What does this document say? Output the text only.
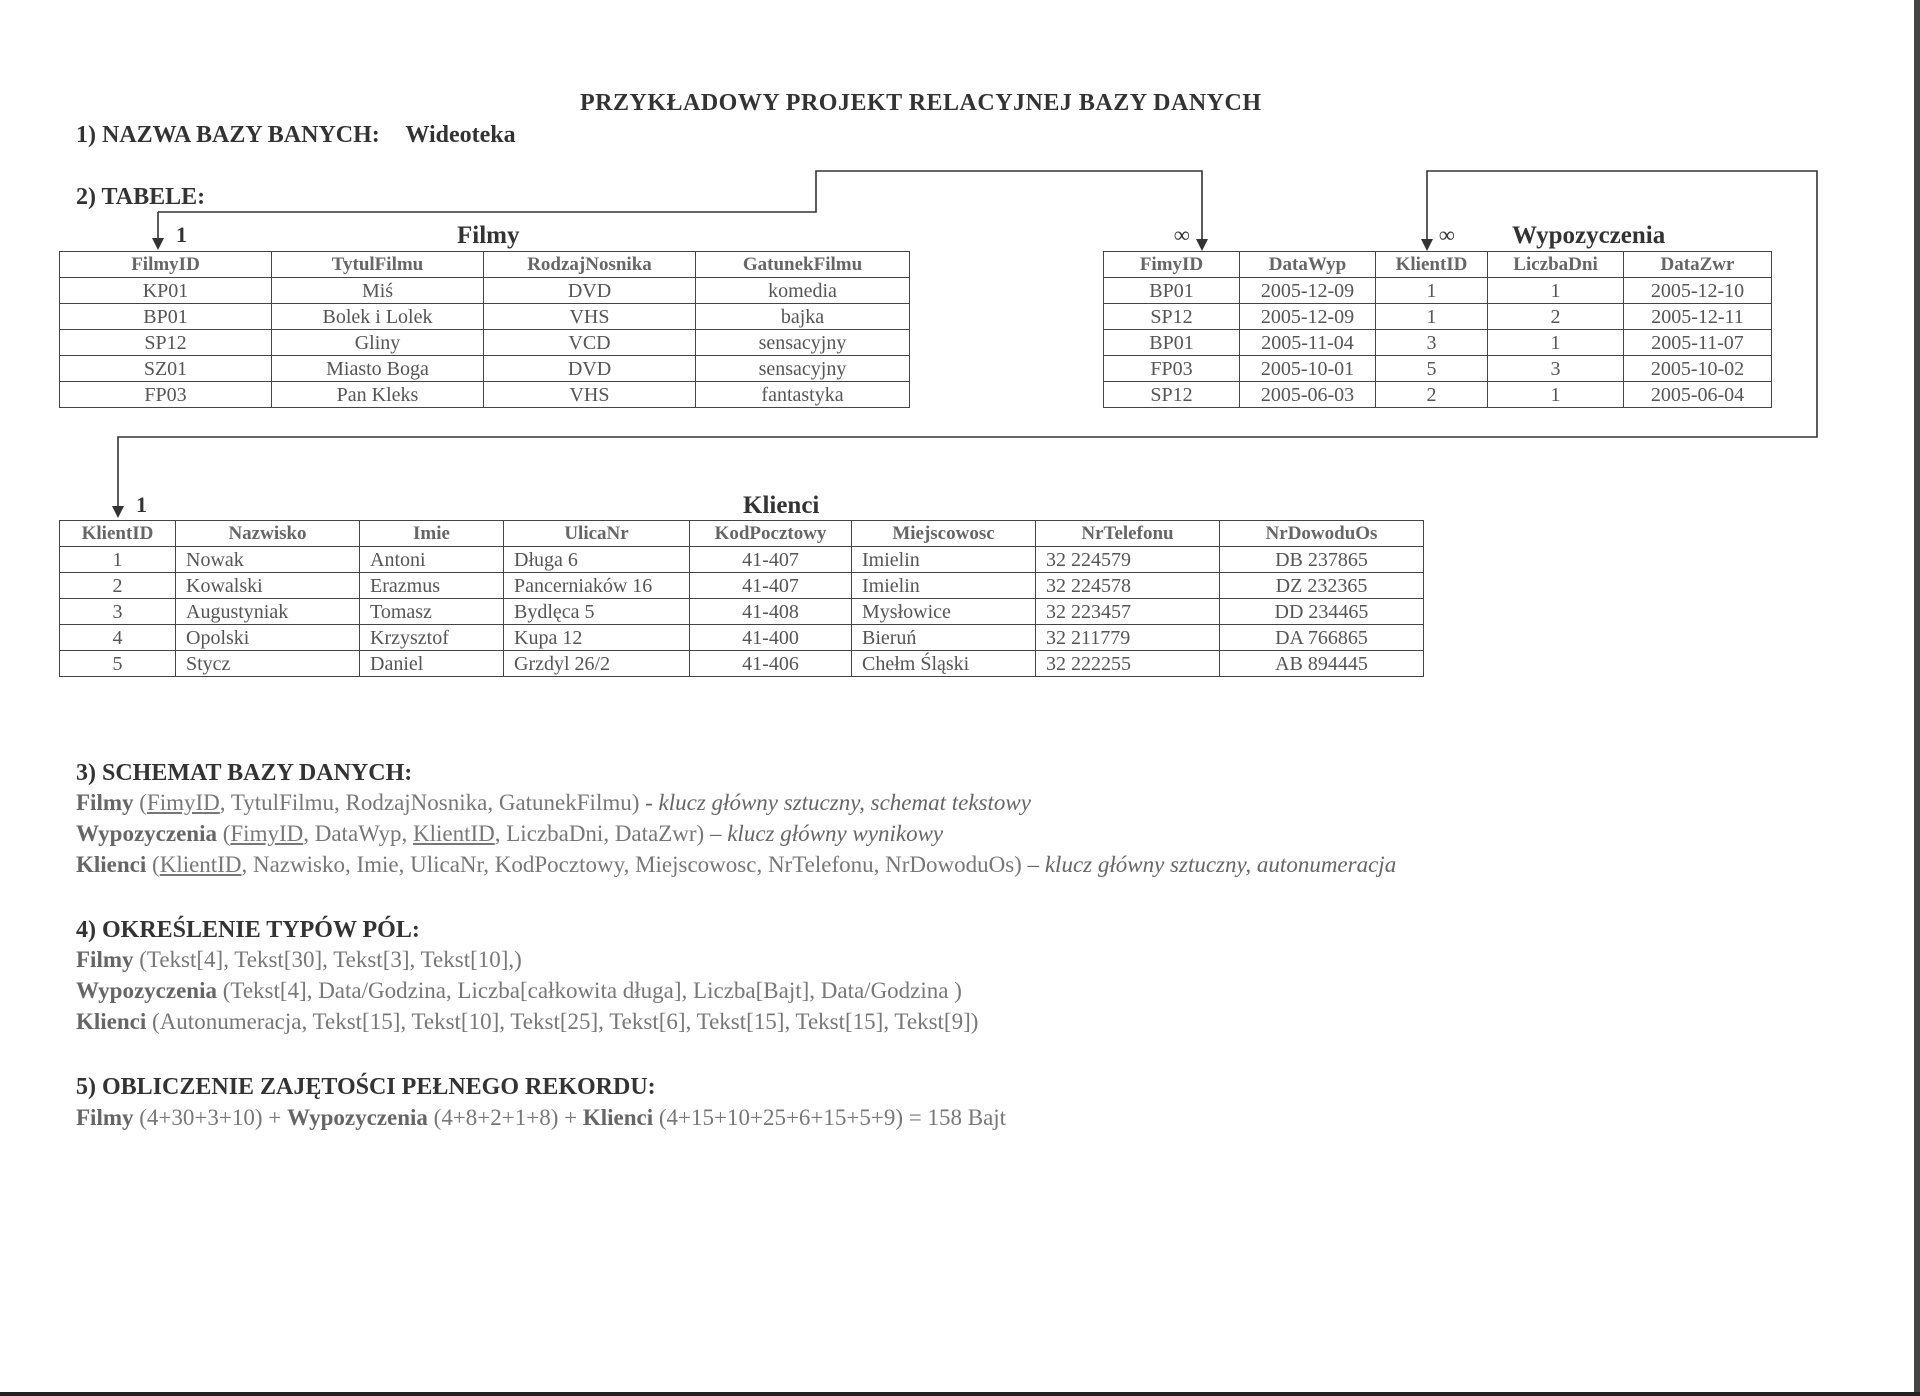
PRZYKŁADOWY PROJEKT RELACYJNEJ BAZY DANYCH
1) NAZWA BAZY BANYCH: Wideoteka
2) TABELE:
1	Filmy
FilmyID	TytulFilmu	RodzajNosnika	GatunekFilmu
KP01	Miś	DVD	komedia
BP01	Bolek i Lolek	VHS	bajka
SP12	Gliny	VCD	sensacyjny
SZ01	Miasto Boga	DVD	sensacyjny
FP03	Pan Kleks	VHS	fantastyka
∞	∞ Wypozyczenia
FimyID	DataWyp	KlientID	LiczbaDni	DataZwr
BP01	2005-12-09	1	1	2005-12-10
SP12	2005-12-09	1	2	2005-12-11
BP01	2005-11-04	3	1	2005-11-07
FP03	2005-10-01	5	3	2005-10-02
SP12	2005-06-03	2	1	2005-06-04
1	Klienci
KlientID	Nazwisko	Imie	UlicaNr	KodPocztowy	Miejscowosc	NrTelefonu	NrDowoduOs
1	Nowak	Antoni	Długa 6	41-407	Imielin	32 224579	DB 237865
2	Kowalski	Erazmus	Pancerniaków 16	41-407	Imielin	32 224578	DZ 232365
3	Augustyniak	Tomasz	Bydlęca 5	41-408	Mysłowice	32 223457	DD 234465
4	Opolski	Krzysztof	Kupa 12	41-400	Bieruń	32 211779	DA 766865
5	Stycz	Daniel	Grzdyl 26/2	41-406	Chełm Śląski	32 222255	AB 894445
3) SCHEMAT BAZY DANYCH:
Filmy (FimyID, TytulFilmu, RodzajNosnika, GatunekFilmu) - klucz główny sztuczny, schemat tekstowy
Wypozyczenia (FimyID, DataWyp, KlientID, LiczbaDni, DataZwr) – klucz główny wynikowy
Klienci (KlientID, Nazwisko, Imie, UlicaNr, KodPocztowy, Miejscowosc, NrTelefonu, NrDowoduOs) – klucz główny sztuczny, autonumeracja
4) OKREŚLENIE TYPÓW PÓL:
Filmy (Tekst[4], Tekst[30], Tekst[3], Tekst[10],)
Wypozyczenia (Tekst[4], Data/Godzina, Liczba[całkowita długa], Liczba[Bajt], Data/Godzina )
Klienci (Autonumeracja, Tekst[15], Tekst[10], Tekst[25], Tekst[6], Tekst[15], Tekst[15], Tekst[9])
5) OBLICZENIE ZAJĘTOŚCI PEŁNEGO REKORDU:
Filmy (4+30+3+10) + Wypozyczenia (4+8+2+1+8) + Klienci (4+15+10+25+6+15+5+9) = 158 Bajt
